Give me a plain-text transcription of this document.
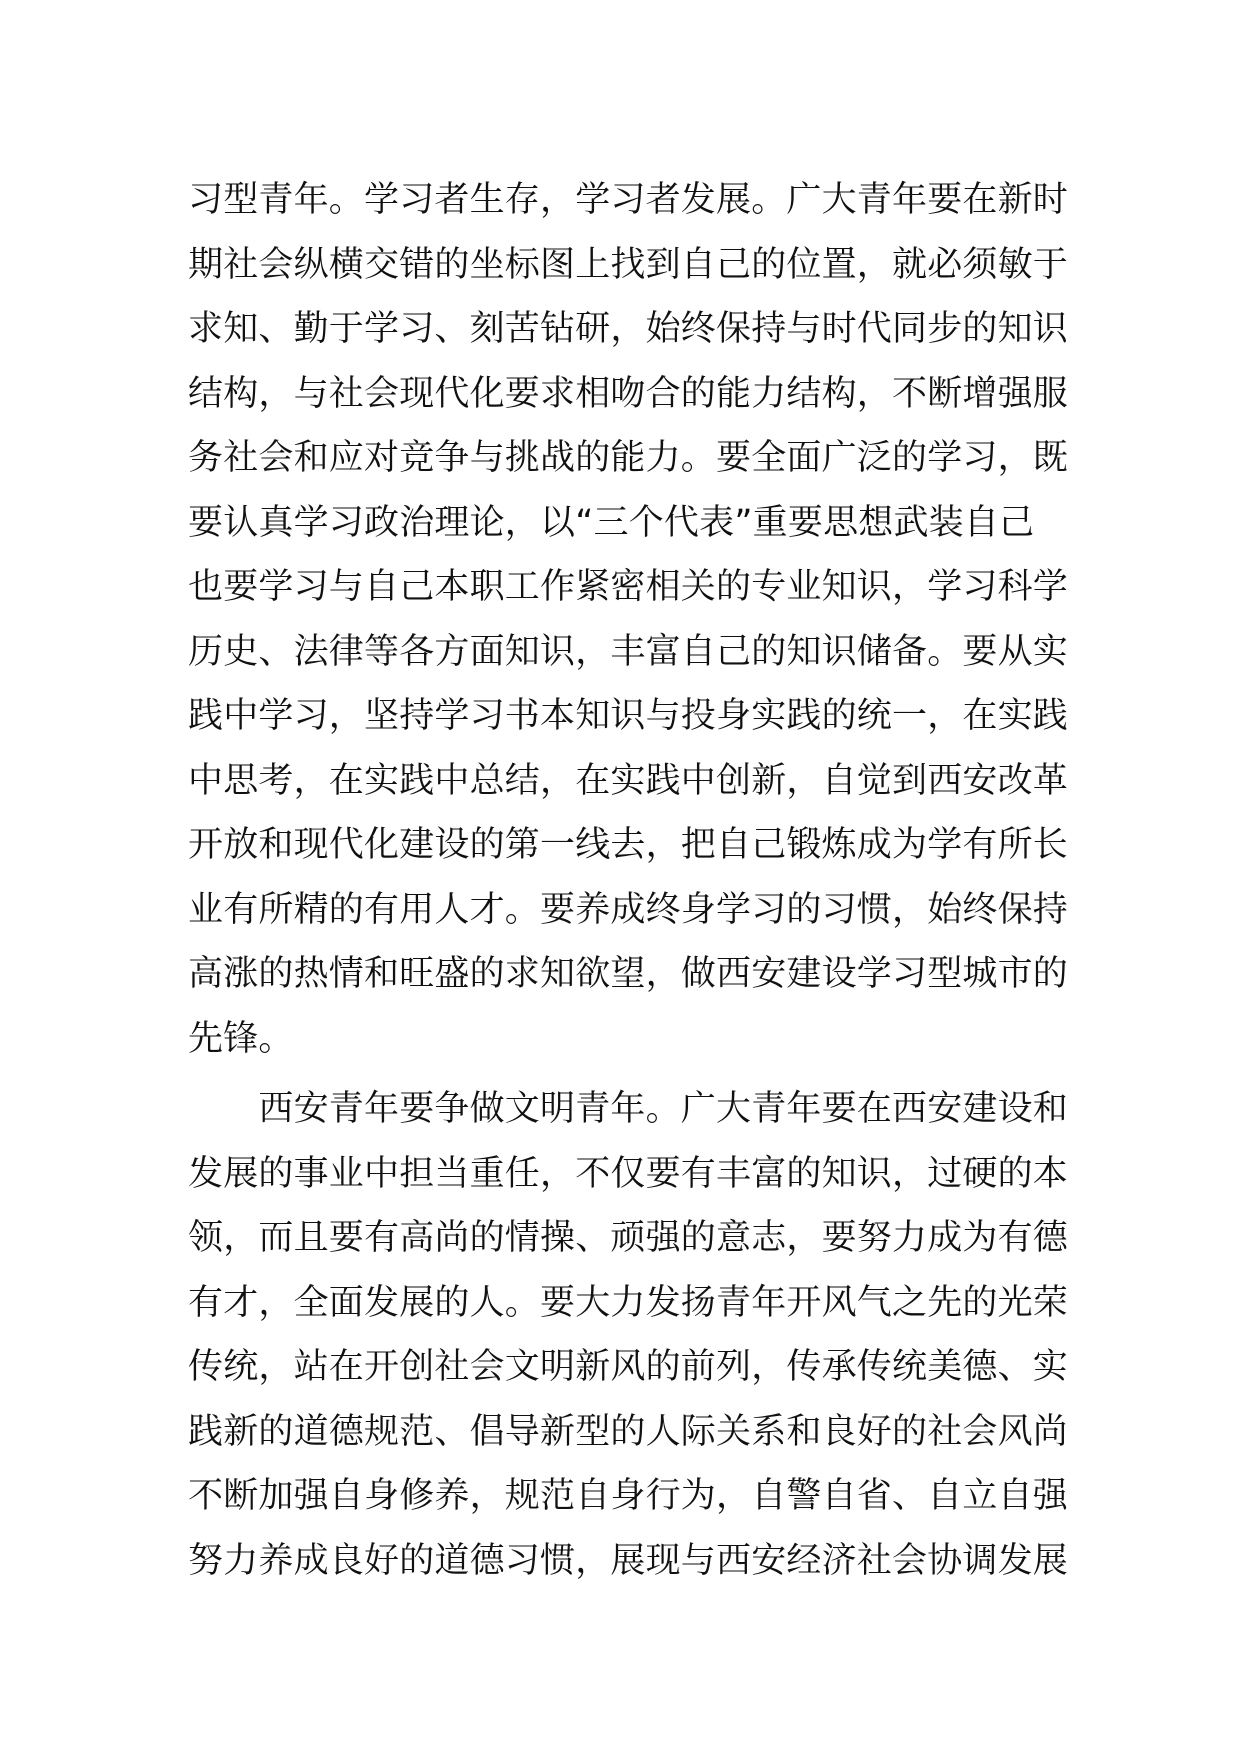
习型青年。学习者生存，学习者发展。广大青年要在新时
期社会纵横交错的坐标图上找到自己的位置，就必须敏于
求知、勤于学习、刻苦钻研，始终保持与时代同步的知识
结构，与社会现代化要求相吻合的能力结构，不断增强服
务社会和应对竞争与挑战的能力。要全面广泛的学习，既
要认真学习政治理论，以“三个代表”重要思想武装自己
也要学习与自己本职工作紧密相关的专业知识，学习科学
历史、法律等各方面知识，丰富自己的知识储备。要从实
践中学习，坚持学习书本知识与投身实践的统一，在实践
中思考，在实践中总结，在实践中创新，自觉到西安改革
开放和现代化建设的第一线去，把自己锻炼成为学有所长
业有所精的有用人才。要养成终身学习的习惯，始终保持
高涨的热情和旺盛的求知欲望，做西安建设学习型城市的
先锋。
　　西安青年要争做文明青年。广大青年要在西安建设和
发展的事业中担当重任，不仅要有丰富的知识，过硬的本
领，而且要有高尚的情操、顽强的意志，要努力成为有德
有才，全面发展的人。要大力发扬青年开风气之先的光荣
传统，站在开创社会文明新风的前列，传承传统美德、实
践新的道德规范、倡导新型的人际关系和良好的社会风尚
不断加强自身修养，规范自身行为，自警自省、自立自强
努力养成良好的道德习惯，展现与西安经济社会协调发展
